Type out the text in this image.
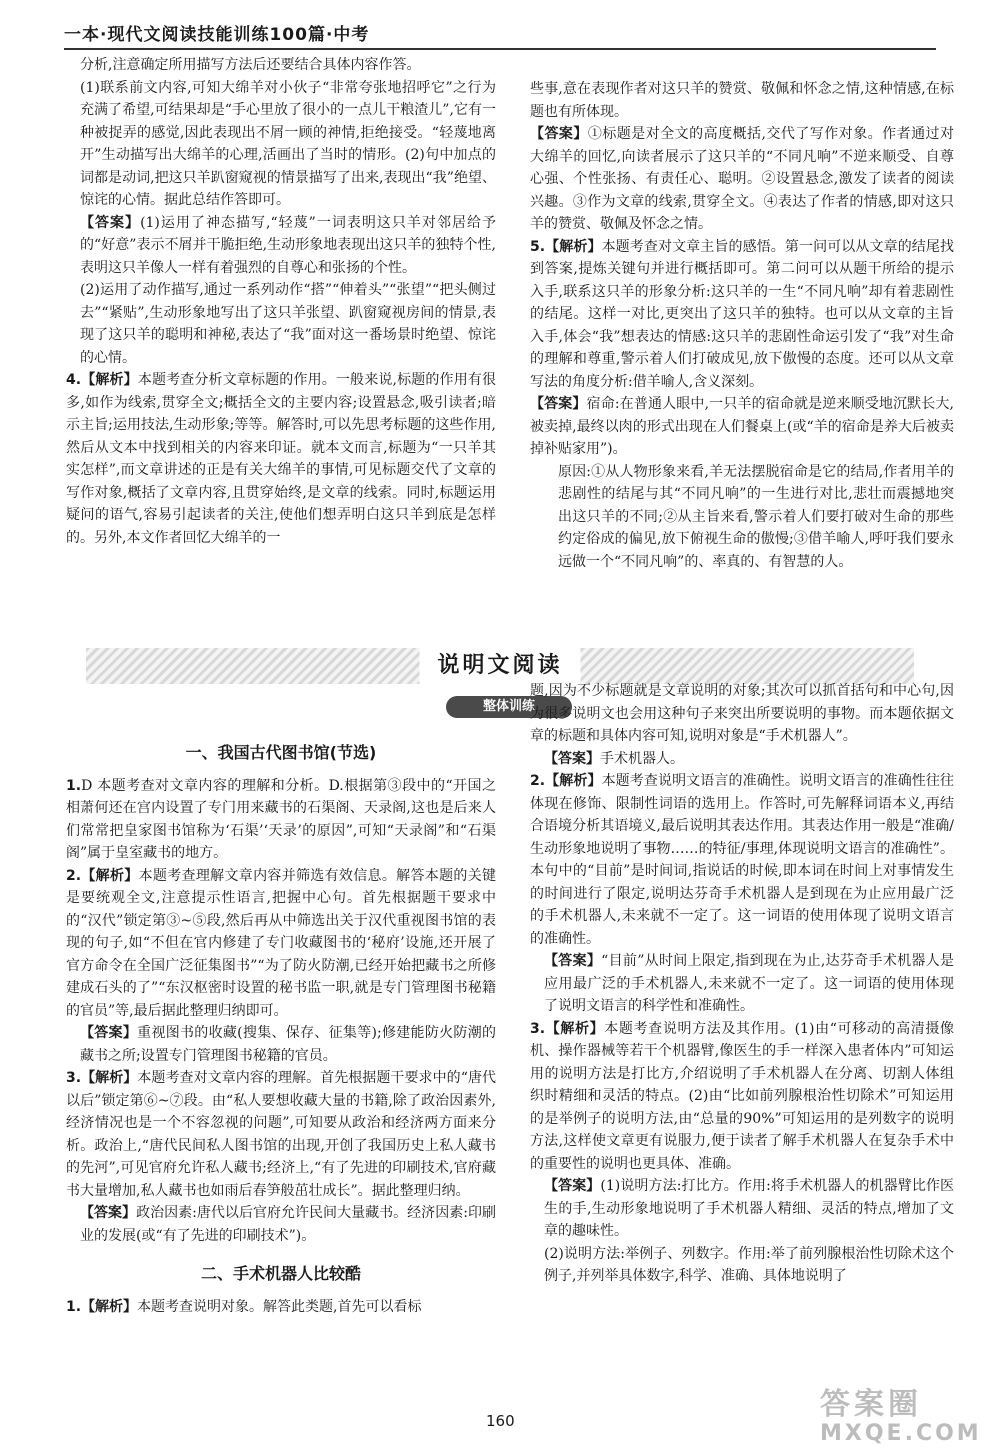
一本·现代文阅读技能训练100篇·中考

分析,注意确定所用描写方法后还要结合具体内容作答。

(1)联系前文内容,可知大绵羊对小伙子“非常夸张地招呼它”之行为充满了希望,可结果却是“手心里放了很小的一点儿干粮渣儿”,它有一种被捉弄的感觉,因此表现出不屑一顾的神情,拒绝接受。“轻蔑地离开”生动描写出大绵羊的心理,活画出了当时的情形。(2)句中加点的词都是动词,把这只羊趴窗窥视的情景描写了出来,表现出“我”绝望、惊诧的心情。据此总结作答即可。

【答案】(1)运用了神态描写,“轻蔑”一词表明这只羊对邻居给予的“好意”表示不屑并干脆拒绝,生动形象地表现出这只羊的独特个性,表明这只羊像人一样有着强烈的自尊心和张扬的个性。

(2)运用了动作描写,通过一系列动作“搭”“伸着头”“张望”“把头侧过去”“紧贴”,生动形象地写出了这只羊张望、趴窗窥视房间的情景,表现了这只羊的聪明和神秘,表达了“我”面对这一番场景时绝望、惊诧的心情。

4.【解析】本题考查分析文章标题的作用。一般来说,标题的作用有很多,如作为线索,贯穿全文;概括全文的主要内容;设置悬念,吸引读者;暗示主旨;运用技法,生动形象;等等。解答时,可以先思考标题的这些作用,然后从文本中找到相关的内容来印证。就本文而言,标题为“一只羊其实怎样”,而文章讲述的正是有关大绵羊的事情,可见标题交代了文章的写作对象,概括了文章内容,且贯穿始终,是文章的线索。同时,标题运用疑问的语气,容易引起读者的关注,使他们想弄明白这只羊到底是怎样的。另外,本文作者回忆大绵羊的一

些事,意在表现作者对这只羊的赞赏、敬佩和怀念之情,这种情感,在标题也有所体现。

【答案】①标题是对全文的高度概括,交代了写作对象。作者通过对大绵羊的回忆,向读者展示了这只羊的“不同凡响”不逆来顺受、自尊心强、个性张扬、有责任心、聪明。②设置悬念,激发了读者的阅读兴趣。③作为文章的线索,贯穿全文。④表达了作者的情感,即对这只羊的赞赏、敬佩及怀念之情。

5.【解析】本题考查对文章主旨的感悟。第一问可以从文章的结尾找到答案,提炼关键句并进行概括即可。第二问可以从题干所给的提示入手,联系这只羊的形象分析:这只羊的一生“不同凡响”却有着悲剧性的结尾。这样一对比,更突出了这只羊的独特。也可以从文章的主旨入手,体会“我”想表达的情感:这只羊的悲剧性命运引发了“我”对生命的理解和尊重,警示着人们打破成见,放下傲慢的态度。还可以从文章写法的角度分析:借羊喻人,含义深刻。

【答案】宿命:在普通人眼中,一只羊的宿命就是逆来顺受地沉默长大,被卖掉,最终以肉的形式出现在人们餐桌上(或“羊的宿命是养大后被卖掉补贴家用”)。

原因:①从人物形象来看,羊无法摆脱宿命是它的结局,作者用羊的悲剧性的结尾与其“不同凡响”的一生进行对比,悲壮而震撼地突出这只羊的不同;②从主旨来看,警示着人们要打破对生命的那些约定俗成的偏见,放下俯视生命的傲慢;③借羊喻人,呼吁我们要永远做一个“不同凡响”的、率真的、有智慧的人。

说明文阅读
整体训练
一、我国古代图书馆(节选)

1.D 本题考查对文章内容的理解和分析。D.根据第③段中的“开国之相萧何还在宫内设置了专门用来藏书的石渠阁、天录阁,这也是后来人们常常把皇家图书馆称为‘石渠’‘天录’的原因”,可知“天录阁”和“石渠阁”属于皇室藏书的地方。

2.【解析】本题考查理解文章内容并筛选有效信息。解答本题的关键是要统观全文,注意提示性语言,把握中心句。首先根据题干要求中的“汉代”锁定第③~⑤段,然后再从中筛选出关于汉代重视图书馆的表现的句子,如“不但在官内修建了专门收藏图书的‘秘府’设施,还开展了官方命令在全国广泛征集图书”“为了防火防潮,已经开始把藏书之所修建成石头的了”“东汉枢密时设置的秘书监一职,就是专门管理图书秘籍的官员”等,最后据此整理归纳即可。

【答案】重视图书的收藏(搜集、保存、征集等);修建能防火防潮的藏书之所;设置专门管理图书秘籍的官员。

3.【解析】本题考查对文章内容的理解。首先根据题干要求中的“唐代以后”锁定第⑥~⑦段。由“私人要想收藏大量的书籍,除了政治因素外,经济情况也是一个不容忽视的问题”,可知要从政治和经济两方面来分析。政治上,“唐代民间私人图书馆的出现,开创了我国历史上私人藏书的先河”,可见官府允许私人藏书;经济上,“有了先进的印刷技术,官府藏书大量增加,私人藏书也如雨后春笋般茁壮成长”。据此整理归纳。

【答案】政治因素:唐代以后官府允许民间大量藏书。经济因素:印刷业的发展(或“有了先进的印刷技术”)。

二、手术机器人比较酷

1.【解析】本题考查说明对象。解答此类题,首先可以看标

题,因为不少标题就是文章说明的对象;其次可以抓首括句和中心句,因为很多说明文也会用这种句子来突出所要说明的事物。而本题依据文章的标题和具体内容可知,说明对象是“手术机器人”。

【答案】手术机器人。

2.【解析】本题考查说明文语言的准确性。说明文语言的准确性往往体现在修饰、限制性词语的选用上。作答时,可先解释词语本义,再结合语境分析其语境义,最后说明其表达作用。其表达作用一般是“准确/生动形象地说明了事物……的特征/事理,体现说明文语言的准确性”。本句中的“目前”是时间词,指说话的时候,即本词在时间上对事情发生的时间进行了限定,说明达芬奇手术机器人是到现在为止应用最广泛的手术机器人,未来就不一定了。这一词语的使用体现了说明文语言的准确性。

【答案】“目前”从时间上限定,指到现在为止,达芬奇手术机器人是应用最广泛的手术机器人,未来就不一定了。这一词语的使用体现了说明文语言的科学性和准确性。

3.【解析】本题考查说明方法及其作用。(1)由“可移动的高清摄像机、操作器械等若干个机器臂,像医生的手一样深入患者体内”可知运用的说明方法是打比方,介绍说明了手术机器人在分离、切割人体组织时精细和灵活的特点。(2)由“比如前列腺根治性切除术”可知运用的是举例子的说明方法,由“总量的90%”可知运用的是列数字的说明方法,这样使文章更有说服力,便于读者了解手术机器人在复杂手术中的重要性的说明也更具体、准确。

【答案】(1)说明方法:打比方。作用:将手术机器人的机器臂比作医生的手,生动形象地说明了手术机器人精细、灵活的特点,增加了文章的趣味性。

(2)说明方法:举例子、列数字。作用:举了前列腺根治性切除术这个例子,并列举具体数字,科学、准确、具体地说明了

160	答案圈
MXQE.COM
